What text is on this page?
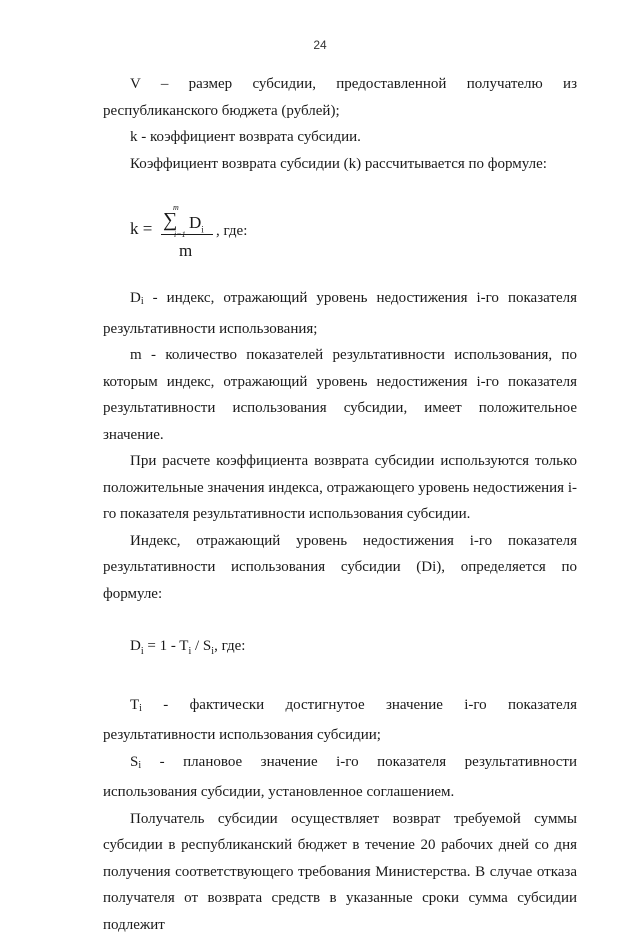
24

V – размер субсидии, предоставленной получателю из республиканского бюджета (рублей);

k - коэффициент возврата субсидии.

Коэффициент возврата субсидии (k) рассчитывается по формуле:

k =
m
∑ $D_i$
m
, где:

Di - индекс, отражающий уровень недостижения i-го показателя результативности использования;

m - количество показателей результативности использования, по которым индекс, отражающий уровень недостижения i-го показателя результативности использования субсидии, имеет положительное значение.

При расчете коэффициента возврата субсидии используются только положительные значения индекса, отражающего уровень недостижения i-го показателя результативности использования субсидии.

Индекс, отражающий уровень недостижения i-го показателя результативности использования субсидии (Di), определяется по формуле:

$D_i = 1 - T_i / S_i$, где:

Ti - фактически достигнутое значение i-го показателя результативности использования субсидии;

Si - плановое значение i-го показателя результативности использования субсидии, установленное соглашением.

Получатель субсидии осуществляет возврат требуемой суммы субсидии в республиканский бюджет в течение 20 рабочих дней со дня получения соответствующего требования Министерства. В случае отказа получателя от возврата средств в указанные сроки сумма субсидии подлежит
